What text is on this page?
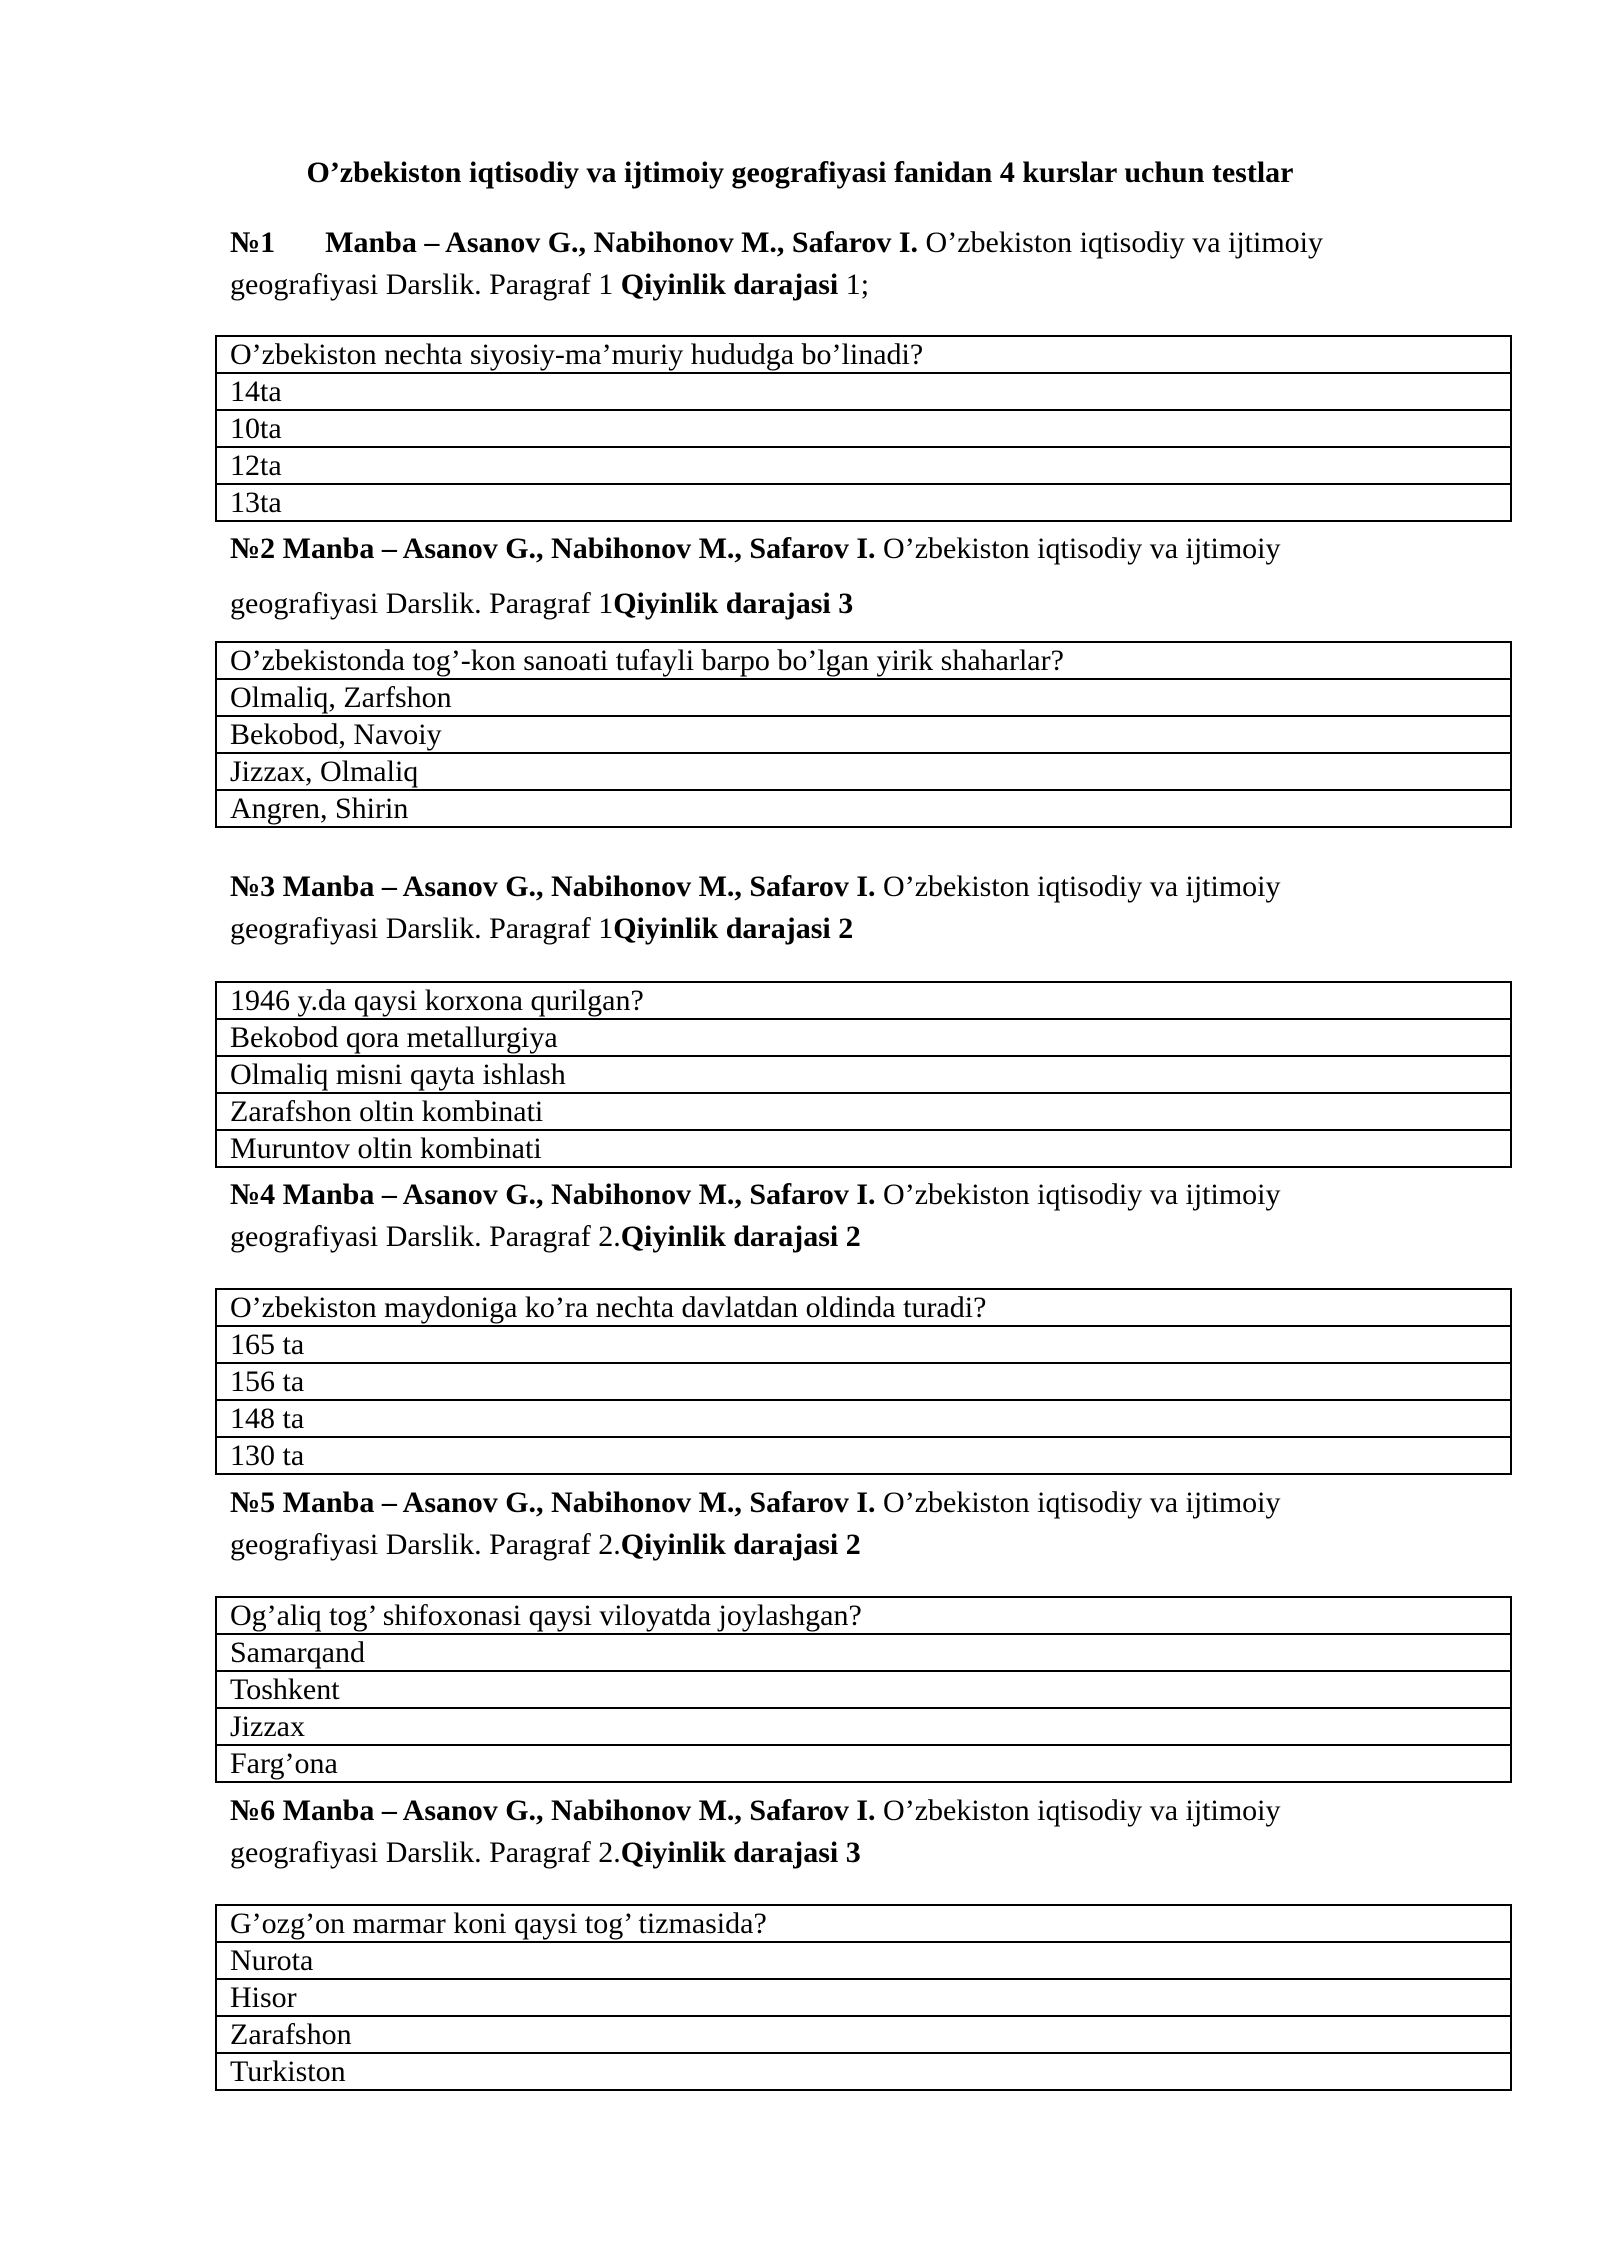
O’zbekiston iqtisodiy va ijtimoiy geografiyasi fanidan 4 kurslar uchun testlar
№1 Manba – Asanov G., Nabihonov M., Safarov I. O’zbekiston iqtisodiy va ijtimoiy
geografiyasi Darslik. Paragraf 1 Qiyinlik darajasi 1;
O’zbekiston nechta siyosiy-ma’muriy hududga bo’linadi?
14ta
10ta
12ta
13ta
№2 Manba – Asanov G., Nabihonov M., Safarov I. O’zbekiston iqtisodiy va ijtimoiy
geografiyasi Darslik. Paragraf 1Qiyinlik darajasi 3
O’zbekistonda tog’-kon sanoati tufayli barpo bo’lgan yirik shaharlar?
Olmaliq, Zarfshon
Bekobod, Navoiy
Jizzax, Olmaliq
Angren, Shirin
№3 Manba – Asanov G., Nabihonov M., Safarov I. O’zbekiston iqtisodiy va ijtimoiy
geografiyasi Darslik. Paragraf 1Qiyinlik darajasi 2
1946 y.da qaysi korxona qurilgan?
Bekobod qora metallurgiya
Olmaliq misni qayta ishlash
Zarafshon oltin kombinati
Muruntov oltin kombinati
№4 Manba – Asanov G., Nabihonov M., Safarov I. O’zbekiston iqtisodiy va ijtimoiy
geografiyasi Darslik. Paragraf 2.Qiyinlik darajasi 2
O’zbekiston maydoniga ko’ra nechta davlatdan oldinda turadi?
165 ta
156 ta
148 ta
130 ta
№5 Manba – Asanov G., Nabihonov M., Safarov I. O’zbekiston iqtisodiy va ijtimoiy
geografiyasi Darslik. Paragraf 2.Qiyinlik darajasi 2
Og’aliq tog’ shifoxonasi qaysi viloyatda joylashgan?
Samarqand
Toshkent
Jizzax
Farg’ona
№6 Manba – Asanov G., Nabihonov M., Safarov I. O’zbekiston iqtisodiy va ijtimoiy
geografiyasi Darslik. Paragraf 2.Qiyinlik darajasi 3
G’ozg’on marmar koni qaysi tog’ tizmasida?
Nurota
Hisor
Zarafshon
Turkiston
